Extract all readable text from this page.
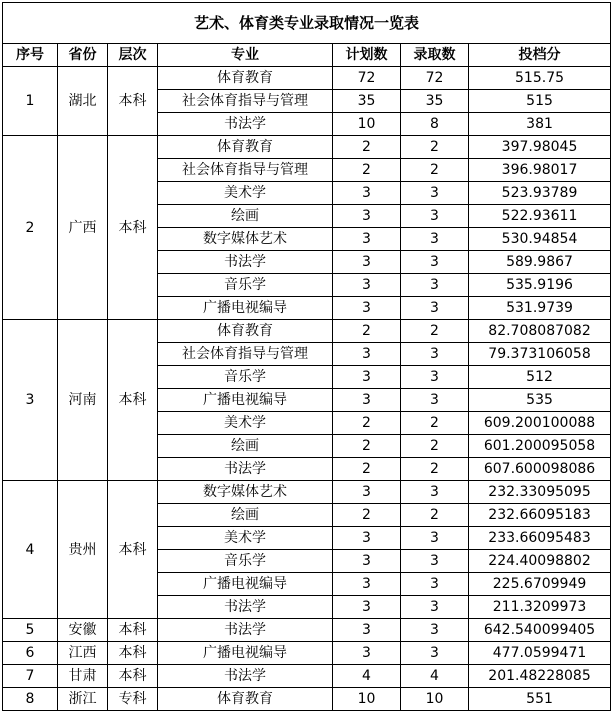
艺术、体育类专业录取情况一览表						
序号	省份	层次	专业	计划数	录取数	投档分
1	湖北	本科	体育教育	72	72	515.75
			社会体育指导与管理	35	35	515
			书法学	10	8	381
2	广西	本科	体育教育	2	2	397.98045
			社会体育指导与管理	2	2	396.98017
			美术学	3	3	523.93789
			绘画	3	3	522.93611
			数字媒体艺术	3	3	530.94854
			书法学	3	3	589.9867
			音乐学	3	3	535.9196
			广播电视编导	3	3	531.9739
3	河南	本科	体育教育	2	2	82.708087082
			社会体育指导与管理	3	3	79.373106058
			音乐学	3	3	512
			广播电视编导	3	3	535
			美术学	2	2	609.200100088
			绘画	2	2	601.200095058
			书法学	2	2	607.600098086
4	贵州	本科	数字媒体艺术	3	3	232.33095095
			绘画	2	2	232.66095183
			美术学	3	3	233.66095483
			音乐学	3	3	224.40098802
			广播电视编导	3	3	225.6709949
			书法学	3	3	211.3209973
5	安徽	本科	书法学	3	3	642.540099405
6	江西	本科	广播电视编导	3	3	477.0599471
7	甘肃	本科	书法学	4	4	201.48228085
8	浙江	专科	体育教育	10	10	551
